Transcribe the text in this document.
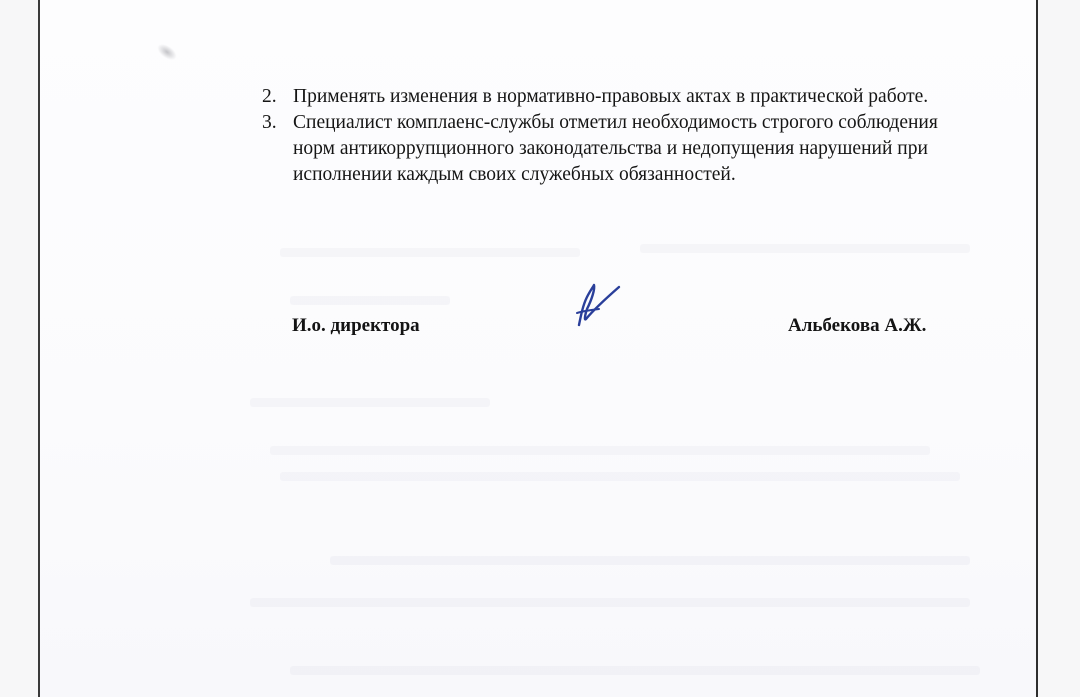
2. Применять изменения в нормативно-правовых актах в практической работе.
3. Специалист комплаенс-службы отметил необходимость строгого соблюдения норм антикоррупционного законодательства и недопущения нарушений при исполнении каждым своих служебных обязанностей.
И.о. директора	Альбекова А.Ж.
